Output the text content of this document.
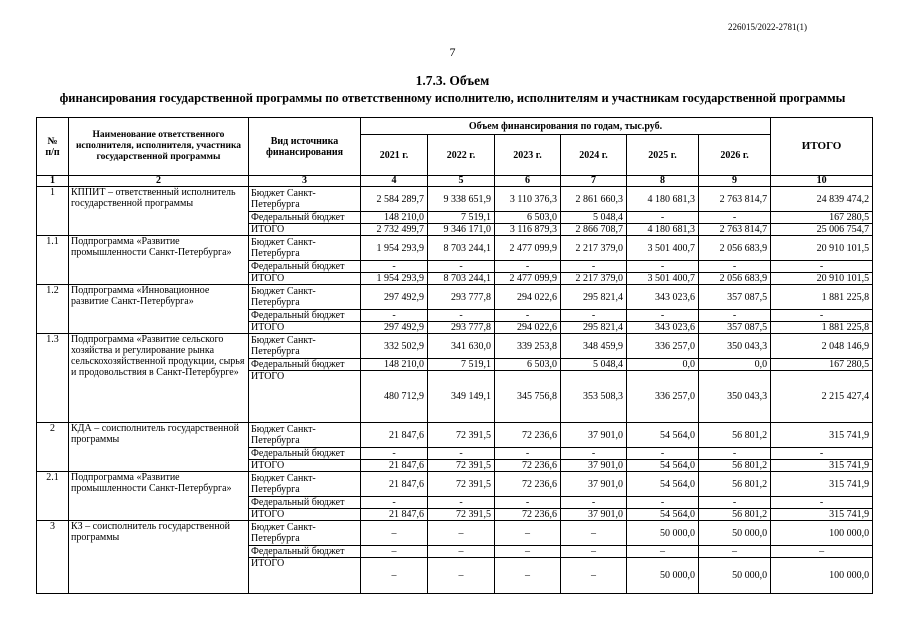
226015/2022-2781(1)
7
1.7.3. Объем
финансирования государственной программы по ответственному исполнителю, исполнителям и участникам государственной программы
№
п/п	Наименование ответственного исполнителя, исполнителя, участника государственной программы	Вид источника финансирования	Объем финансирования по годам, тыс.руб.						ИТОГО
			2021 г.	2022 г.	2023 г.	2024 г.	2025 г.	2026 г.	
1	2	3	4	5	6	7	8	9	10
1	КППИТ – ответственный исполнитель государственной программы	Бюджет Санкт-Петербурга	2 584 289,7	9 338 651,9	3 110 376,3	2 861 660,3	4 180 681,3	2 763 814,7	24 839 474,2
		Федеральный бюджет	148 210,0	7 519,1	6 503,0	5 048,4	-	-	167 280,5
		ИТОГО	2 732 499,7	9 346 171,0	3 116 879,3	2 866 708,7	4 180 681,3	2 763 814,7	25 006 754,7
1.1	Подпрограмма «Развитие промышленности Санкт-Петербурга»	Бюджет Санкт-Петербурга	1 954 293,9	8 703 244,1	2 477 099,9	2 217 379,0	3 501 400,7	2 056 683,9	20 910 101,5
		Федеральный бюджет	-	-	-	-	-	-	-
		ИТОГО	1 954 293,9	8 703 244,1	2 477 099,9	2 217 379,0	3 501 400,7	2 056 683,9	20 910 101,5
1.2	Подпрограмма «Инновационное развитие Санкт-Петербурга»	Бюджет Санкт-Петербурга	297 492,9	293 777,8	294 022,6	295 821,4	343 023,6	357 087,5	1 881 225,8
		Федеральный бюджет	-	-	-	-	-	-	-
		ИТОГО	297 492,9	293 777,8	294 022,6	295 821,4	343 023,6	357 087,5	1 881 225,8
1.3	Подпрограмма «Развитие сельского хозяйства и регулирование рынка сельскохозяйственной продукции, сырья и продовольствия в Санкт-Петербурге»	Бюджет Санкт-Петербурга	332 502,9	341 630,0	339 253,8	348 459,9	336 257,0	350 043,3	2 048 146,9
		Федеральный бюджет	148 210,0	7 519,1	6 503,0	5 048,4	0,0	0,0	167 280,5
		ИТОГО	480 712,9	349 149,1	345 756,8	353 508,3	336 257,0	350 043,3	2 215 427,4
2	КДА – соисполнитель государственной программы	Бюджет Санкт-Петербурга	21 847,6	72 391,5	72 236,6	37 901,0	54 564,0	56 801,2	315 741,9
		Федеральный бюджет	-	-	-	-	-	-	-
		ИТОГО	21 847,6	72 391,5	72 236,6	37 901,0	54 564,0	56 801,2	315 741,9
2.1	Подпрограмма «Развитие промышленности Санкт-Петербурга»	Бюджет Санкт-Петербурга	21 847,6	72 391,5	72 236,6	37 901,0	54 564,0	56 801,2	315 741,9
		Федеральный бюджет	-	-	-	-	-	-	-
		ИТОГО	21 847,6	72 391,5	72 236,6	37 901,0	54 564,0	56 801,2	315 741,9
3	КЗ – соисполнитель государственной программы	Бюджет Санкт-Петербурга	–	–	–	–	50 000,0	50 000,0	100 000,0
		Федеральный бюджет	–	–	–	–	–	–	–
		ИТОГО	–	–	–	–	50 000,0	50 000,0	100 000,0
